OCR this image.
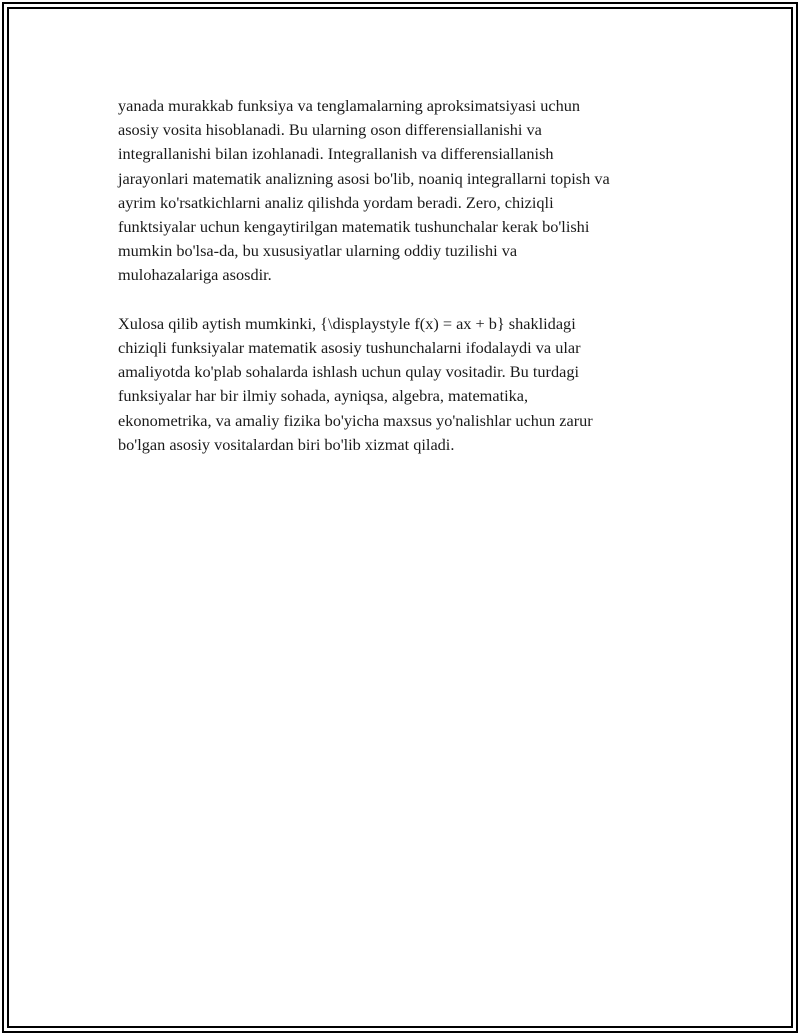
yanada murakkab funksiya va tenglamalarning aproksimatsiyasi uchun
asosiy vosita hisoblanadi. Bu ularning oson differensiallanishi va
integrallanishi bilan izohlanadi. Integrallanish va differensiallanish
jarayonlari matematik analizning asosi bo'lib, noaniq integrallarni topish va
ayrim ko'rsatkichlarni analiz qilishda yordam beradi. Zero, chiziqli
funktsiyalar uchun kengaytirilgan matematik tushunchalar kerak bo'lishi
mumkin bo'lsa-da, bu xususiyatlar ularning oddiy tuzilishi va
mulohazalariga asosdir.

Xulosa qilib aytish mumkinki, {\displaystyle f(x) = ax + b} shaklidagi
chiziqli funksiyalar matematik asosiy tushunchalarni ifodalaydi va ular
amaliyotda ko'plab sohalarda ishlash uchun qulay vositadir. Bu turdagi
funksiyalar har bir ilmiy sohada, ayniqsa, algebra, matematika,
ekonometrika, va amaliy fizika bo'yicha maxsus yo'nalishlar uchun zarur
bo'lgan asosiy vositalardan biri bo'lib xizmat qiladi.
